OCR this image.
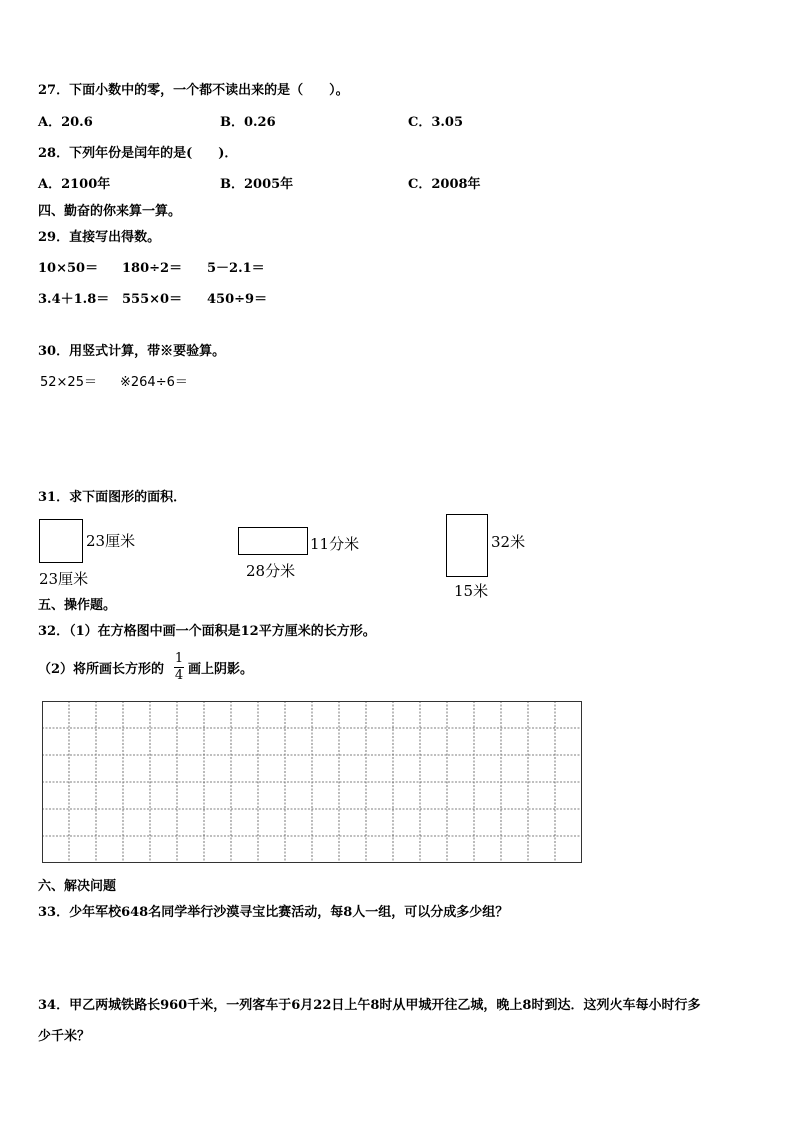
27．下面小数中的零，一个都不读出来的是（　　）。
A．20.6	B．0.26	C．3.05
28．下列年份是闰年的是(　　)．
A．2100年	B．2005年	C．2008年
四、勤奋的你来算一算。
29．直接写出得数。
10×50＝ 180÷2＝ 5－2.1＝
3.4＋1.8＝ 555×0＝ 450÷9＝
30．用竖式计算，带※要验算。
52×25＝ ※264÷6＝
31．求下面图形的面积．
23厘米
23厘米
11分米
28分米
32米
15米
五、操作题。
32．（1）在方格图中画一个面积是12平方厘米的长方形。
（2）将所画长方形的
1
4 画上阴影。
六、解决问题
33．少年军校648名同学举行沙漠寻宝比赛活动，每8人一组，可以分成多少组？
34．甲乙两城铁路长960千米，一列客车于6月22日上午8时从甲城开往乙城，晚上8时到达．这列火车每小时行多
少千米？
